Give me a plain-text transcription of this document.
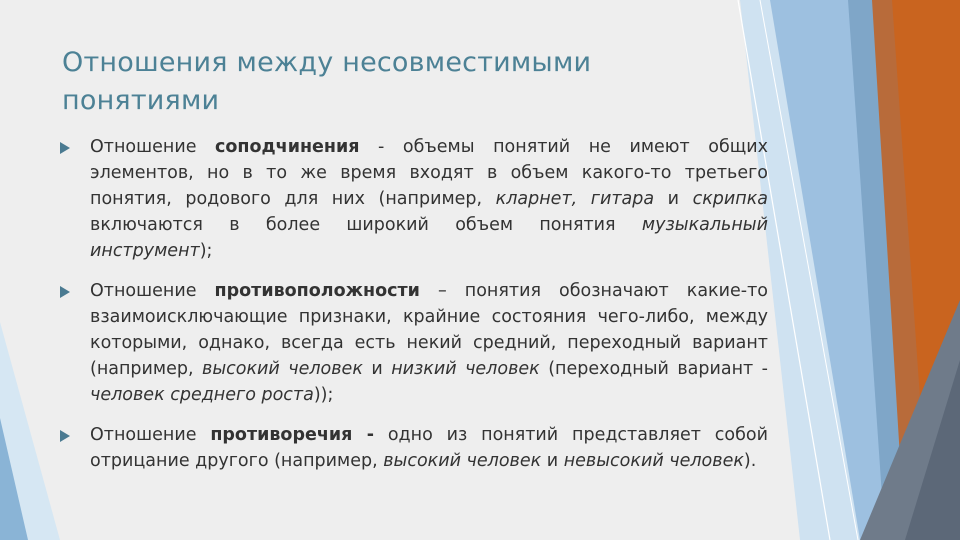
Отношения между несовместимыми понятиями
Отношение соподчинения - объемы понятий не имеют общих элементов, но в то же время входят в объем какого-то третьего понятия, родового для них (например, кларнет, гитара и скрипка включаются в более широкий объем понятия музыкальный инструмент);
Отношение противоположности – понятия обозначают какие-то взаимоисключающие признаки, крайние состояния чего-либо, между которыми, однако, всегда есть некий средний, переходный вариант (например, высокий человек и низкий человек (переходный вариант - человек среднего роста));
Отношение противоречия - одно из понятий представляет собой отрицание другого (например, высокий человек и невысокий человек).
